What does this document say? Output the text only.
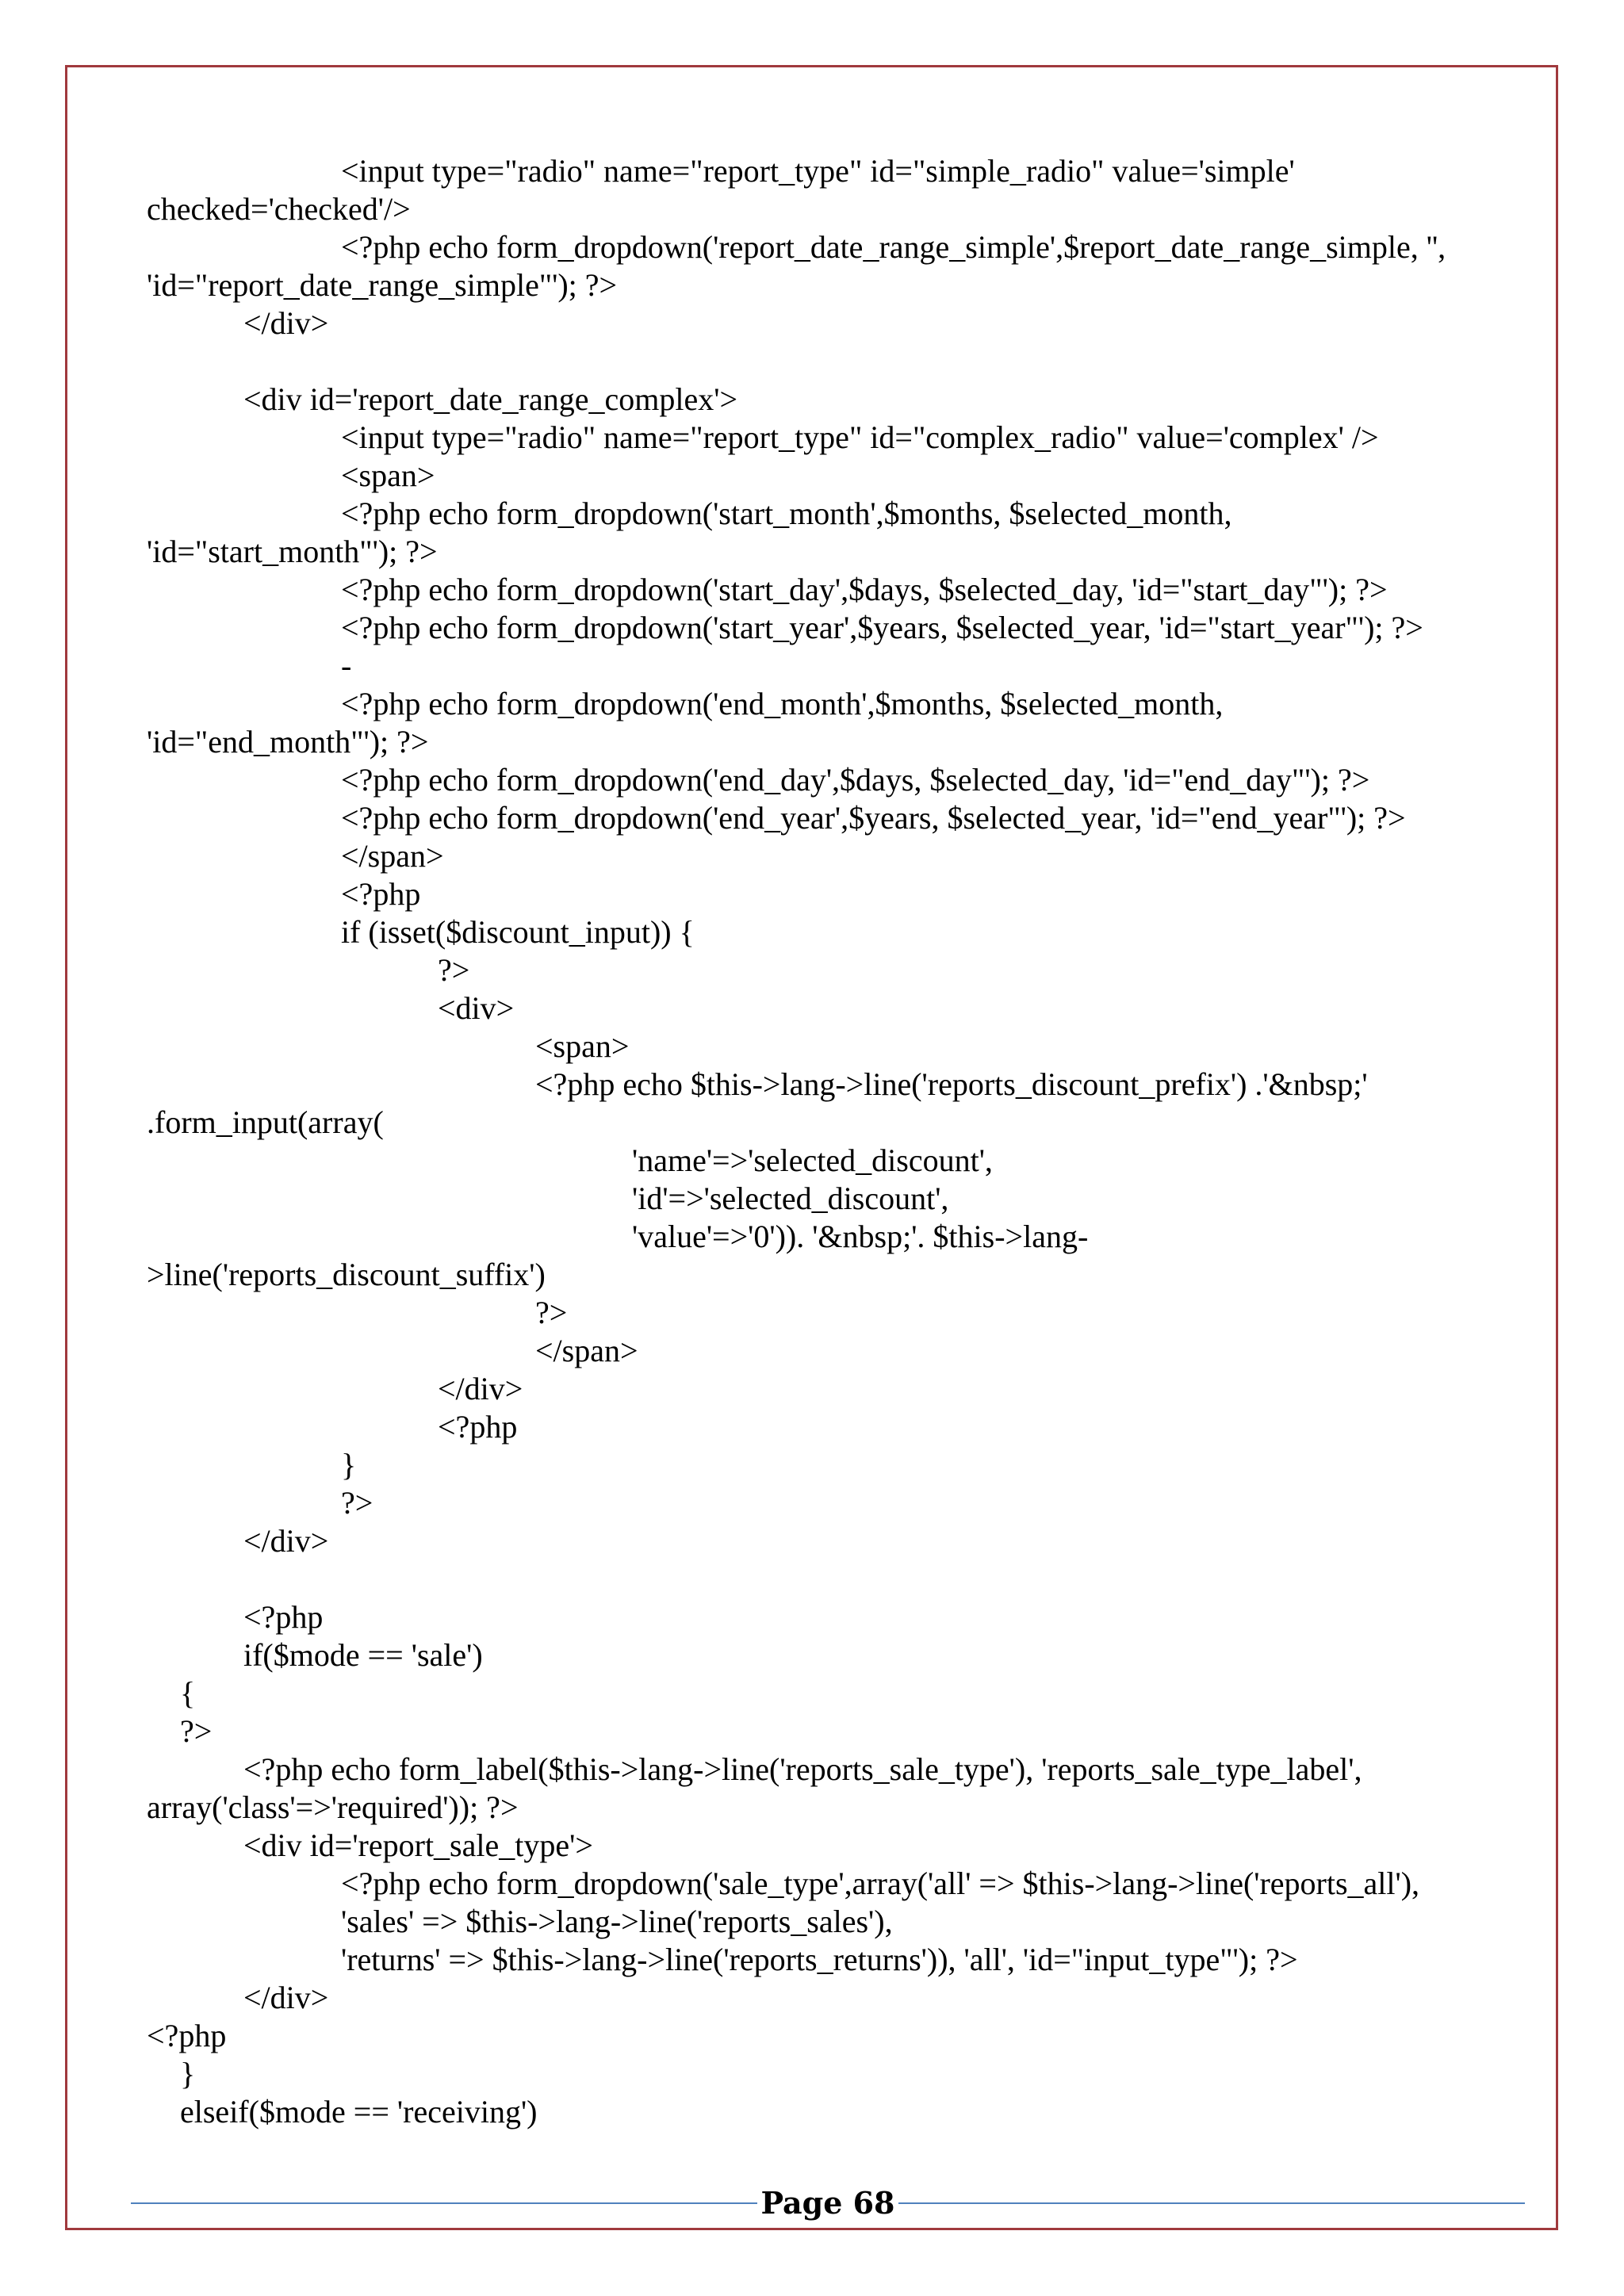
<input type="radio" name="report_type" id="simple_radio" value='simple'
checked='checked'/>
<?php echo form_dropdown('report_date_range_simple',$report_date_range_simple, '',
'id="report_date_range_simple"'); ?>
</div>
<div id='report_date_range_complex'>
<input type="radio" name="report_type" id="complex_radio" value='complex' />
<span>
<?php echo form_dropdown('start_month',$months, $selected_month,
'id="start_month"'); ?>
<?php echo form_dropdown('start_day',$days, $selected_day, 'id="start_day"'); ?>
<?php echo form_dropdown('start_year',$years, $selected_year, 'id="start_year"'); ?>
-
<?php echo form_dropdown('end_month',$months, $selected_month,
'id="end_month"'); ?>
<?php echo form_dropdown('end_day',$days, $selected_day, 'id="end_day"'); ?>
<?php echo form_dropdown('end_year',$years, $selected_year, 'id="end_year"'); ?>
</span>
<?php
if (isset($discount_input)) {
?>
<div>
<span>
<?php echo $this->lang->line('reports_discount_prefix') .'&nbsp;'
.form_input(array(
'name'=>'selected_discount',
'id'=>'selected_discount',
'value'=>'0')). '&nbsp;'. $this->lang-
>line('reports_discount_suffix')
?>
</span>
</div>
<?php
}
?>
</div>
<?php
if($mode == 'sale')
{
?>
<?php echo form_label($this->lang->line('reports_sale_type'), 'reports_sale_type_label',
array('class'=>'required')); ?>
<div id='report_sale_type'>
<?php echo form_dropdown('sale_type',array('all' => $this->lang->line('reports_all'),
'sales' => $this->lang->line('reports_sales'),
'returns' => $this->lang->line('reports_returns')), 'all', 'id="input_type"'); ?>
</div>
<?php
}
elseif($mode == 'receiving')
Page 68
